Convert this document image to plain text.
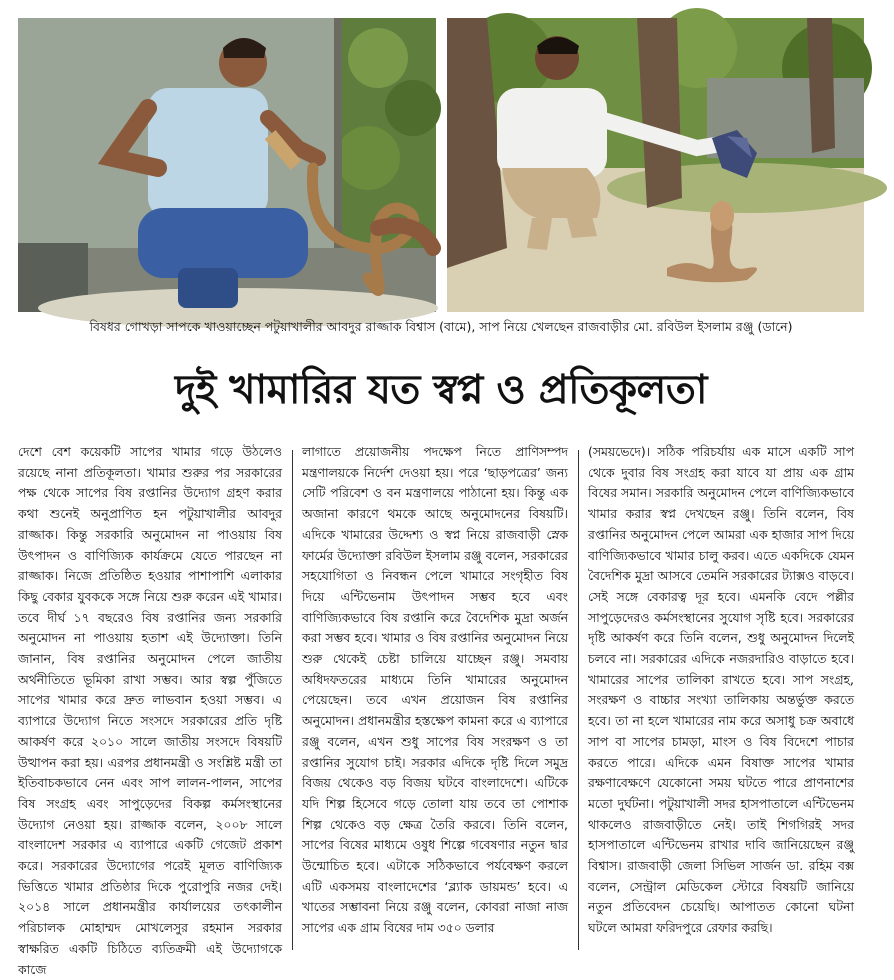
বিষধর গোখড়া সাপকে খাওয়াচ্ছেন পটুয়াখালীর আবদুর রাজ্জাক বিশ্বাস (বামে), সাপ নিয়ে খেলছেন রাজবাড়ীর মো. রবিউল ইসলাম রঞ্জু (ডানে)
দুই খামারির যত স্বপ্ন ও প্রতিকূলতা
দেশে বেশ কয়েকটি সাপের খামার গড়ে উঠলেও রয়েছে নানা প্রতিকূলতা। খামার শুরুর পর সরকারের পক্ষ থেকে সাপের বিষ রপ্তানির উদ্যোগ গ্রহণ করার কথা শুনেই অনুপ্রাণিত হন পটুয়াখালীর আবদুর রাজ্জাক। কিন্তু সরকারি অনুমোদন না পাওয়ায় বিষ উৎপাদন ও বাণিজ্যিক কার্যক্রমে যেতে পারছেন না রাজ্জাক। নিজে প্রতিষ্ঠিত হওয়ার পাশাপাশি এলাকার কিছু বেকার যুবককে সঙ্গে নিয়ে শুরু করেন এই খামার। তবে দীর্ঘ ১৭ বছরেও বিষ রপ্তানির জন্য সরকারি অনুমোদন না পাওয়ায় হতাশ এই উদ্যোক্তা। তিনি জানান, বিষ রপ্তানির অনুমোদন পেলে জাতীয় অর্থনীতিতে ভূমিকা রাখা সম্ভব। আর স্বল্প পুঁজিতে সাপের খামার করে দ্রুত লাভবান হওয়া সম্ভব। এ ব্যাপারে উদ্যোগ নিতে সংসদে সরকারের প্রতি দৃষ্টি আকর্ষণ করে ২০১০ সালে জাতীয় সংসদে বিষয়টি উত্থাপন করা হয়। এরপর প্রধানমন্ত্রী ও সংশ্লিষ্ট মন্ত্রী তা ইতিবাচকভাবে নেন এবং সাপ লালন-পালন, সাপের বিষ সংগ্রহ এবং সাপুড়েদের বিকল্প কর্মসংস্থানের উদ্যোগ নেওয়া হয়। রাজ্জাক বলেন, ২০০৮ সালে বাংলাদেশ সরকার এ ব্যাপারে একটি গেজেট প্রকাশ করে। সরকারের উদ্যোগের পরেই মূলত বাণিজ্যিক ভিত্তিতে খামার প্রতিষ্ঠার দিকে পুরোপুরি নজর দেই। ২০১৪ সালে প্রধানমন্ত্রীর কার্যালয়ের তৎকালীন পরিচালক মোহাম্মদ মোখলেসুর রহমান সরকার স্বাক্ষরিত একটি চিঠিতে ব্যতিক্রমী এই উদ্যোগকে কাজে
লাগাতে প্রয়োজনীয় পদক্ষেপ নিতে প্রাণিসম্পদ মন্ত্রণালয়কে নির্দেশ দেওয়া হয়। পরে ‘ছাড়পত্রের’ জন্য সেটি পরিবেশ ও বন মন্ত্রণালয়ে পাঠানো হয়। কিন্তু এক অজানা কারণে থমকে আছে অনুমোদনের বিষয়টি। এদিকে খামারের উদ্দেশ্য ও স্বপ্ন নিয়ে রাজবাড়ী স্নেক ফার্মের উদ্যোক্তা রবিউল ইসলাম রঞ্জু বলেন, সরকারের সহযোগিতা ও নিবন্ধন পেলে খামারে সংগৃহীত বিষ দিয়ে এন্টিভেনাম উৎপাদন সম্ভব হবে এবং বাণিজ্যিকভাবে বিষ রপ্তানি করে বৈদেশিক মুদ্রা অর্জন করা সম্ভব হবে। খামার ও বিষ রপ্তানির অনুমোদন নিয়ে শুরু থেকেই চেষ্টা চালিয়ে যাচ্ছেন রঞ্জু। সমবায় অধিদফতরের মাধ্যমে তিনি খামারের অনুমোদন পেয়েছেন। তবে এখন প্রয়োজন বিষ রপ্তানির অনুমোদন। প্রধানমন্ত্রীর হস্তক্ষেপ কামনা করে এ ব্যাপারে রঞ্জু বলেন, এখন শুধু সাপের বিষ সংরক্ষণ ও তা রপ্তানির সুযোগ চাই। সরকার এদিকে দৃষ্টি দিলে সমুদ্র বিজয় থেকেও বড় বিজয় ঘটবে বাংলাদেশে। এটিকে যদি শিল্প হিসেবে গড়ে তোলা যায় তবে তা পোশাক শিল্প থেকেও বড় ক্ষেত্র তৈরি করবে। তিনি বলেন, সাপের বিষের মাধ্যমে ওষুধ শিল্পে গবেষণার নতুন দ্বার উন্মোচিত হবে। এটাকে সঠিকভাবে পর্যবেক্ষণ করলে এটি একসময় বাংলাদেশের ‘ব্ল্যাক ডায়মন্ড’ হবে। এ খাতের সম্ভাবনা নিয়ে রঞ্জু বলেন, কোবরা নাজা নাজ সাপের এক গ্রাম বিষের দাম ৩৫০ ডলার
(সময়ভেদে)। সঠিক পরিচর্যায় এক মাসে একটি সাপ থেকে দুবার বিষ সংগ্রহ করা যাবে যা প্রায় এক গ্রাম বিষের সমান। সরকারি অনুমোদন পেলে বাণিজ্যিকভাবে খামার করার স্বপ্ন দেখছেন রঞ্জু। তিনি বলেন, বিষ রপ্তানির অনুমোদন পেলে আমরা এক হাজার সাপ দিয়ে বাণিজ্যিকভাবে খামার চালু করব। এতে একদিকে যেমন বৈদেশিক মুদ্রা আসবে তেমনি সরকারের ট্যাক্সও বাড়বে। সেই সঙ্গে বেকারত্ব দূর হবে। এমনকি বেদে পল্লীর সাপুড়েদেরও কর্মসংস্থানের সুযোগ সৃষ্টি হবে। সরকারের দৃষ্টি আকর্ষণ করে তিনি বলেন, শুধু অনুমোদন দিলেই চলবে না। সরকারের এদিকে নজরদারিও বাড়াতে হবে। খামারের সাপের তালিকা রাখতে হবে। সাপ সংগ্রহ, সংরক্ষণ ও বাচ্চার সংখ্যা তালিকায় অন্তর্ভুক্ত করতে হবে। তা না হলে খামারের নাম করে অসাধু চক্র অবাধে সাপ বা সাপের চামড়া, মাংস ও বিষ বিদেশে পাচার করতে পারে। এদিকে এমন বিষাক্ত সাপের খামার রক্ষণাবেক্ষণে যেকোনো সময় ঘটতে পারে প্রাণনাশের মতো দুর্ঘটনা। পটুয়াখালী সদর হাসপাতালে এন্টিভেনম থাকলেও রাজবাড়ীতে নেই। তাই শিগগিরই সদর হাসপাতালে এন্টিভেনম রাখার দাবি জানিয়েছেন রঞ্জু বিশ্বাস। রাজবাড়ী জেলা সিভিল সার্জন ডা. রহিম বক্স বলেন, সেন্ট্রাল মেডিকেল স্টোরে বিষয়টি জানিয়ে নতুন প্রতিবেদন চেয়েছি। আপাতত কোনো ঘটনা ঘটলে আমরা ফরিদপুরে রেফার করছি।
